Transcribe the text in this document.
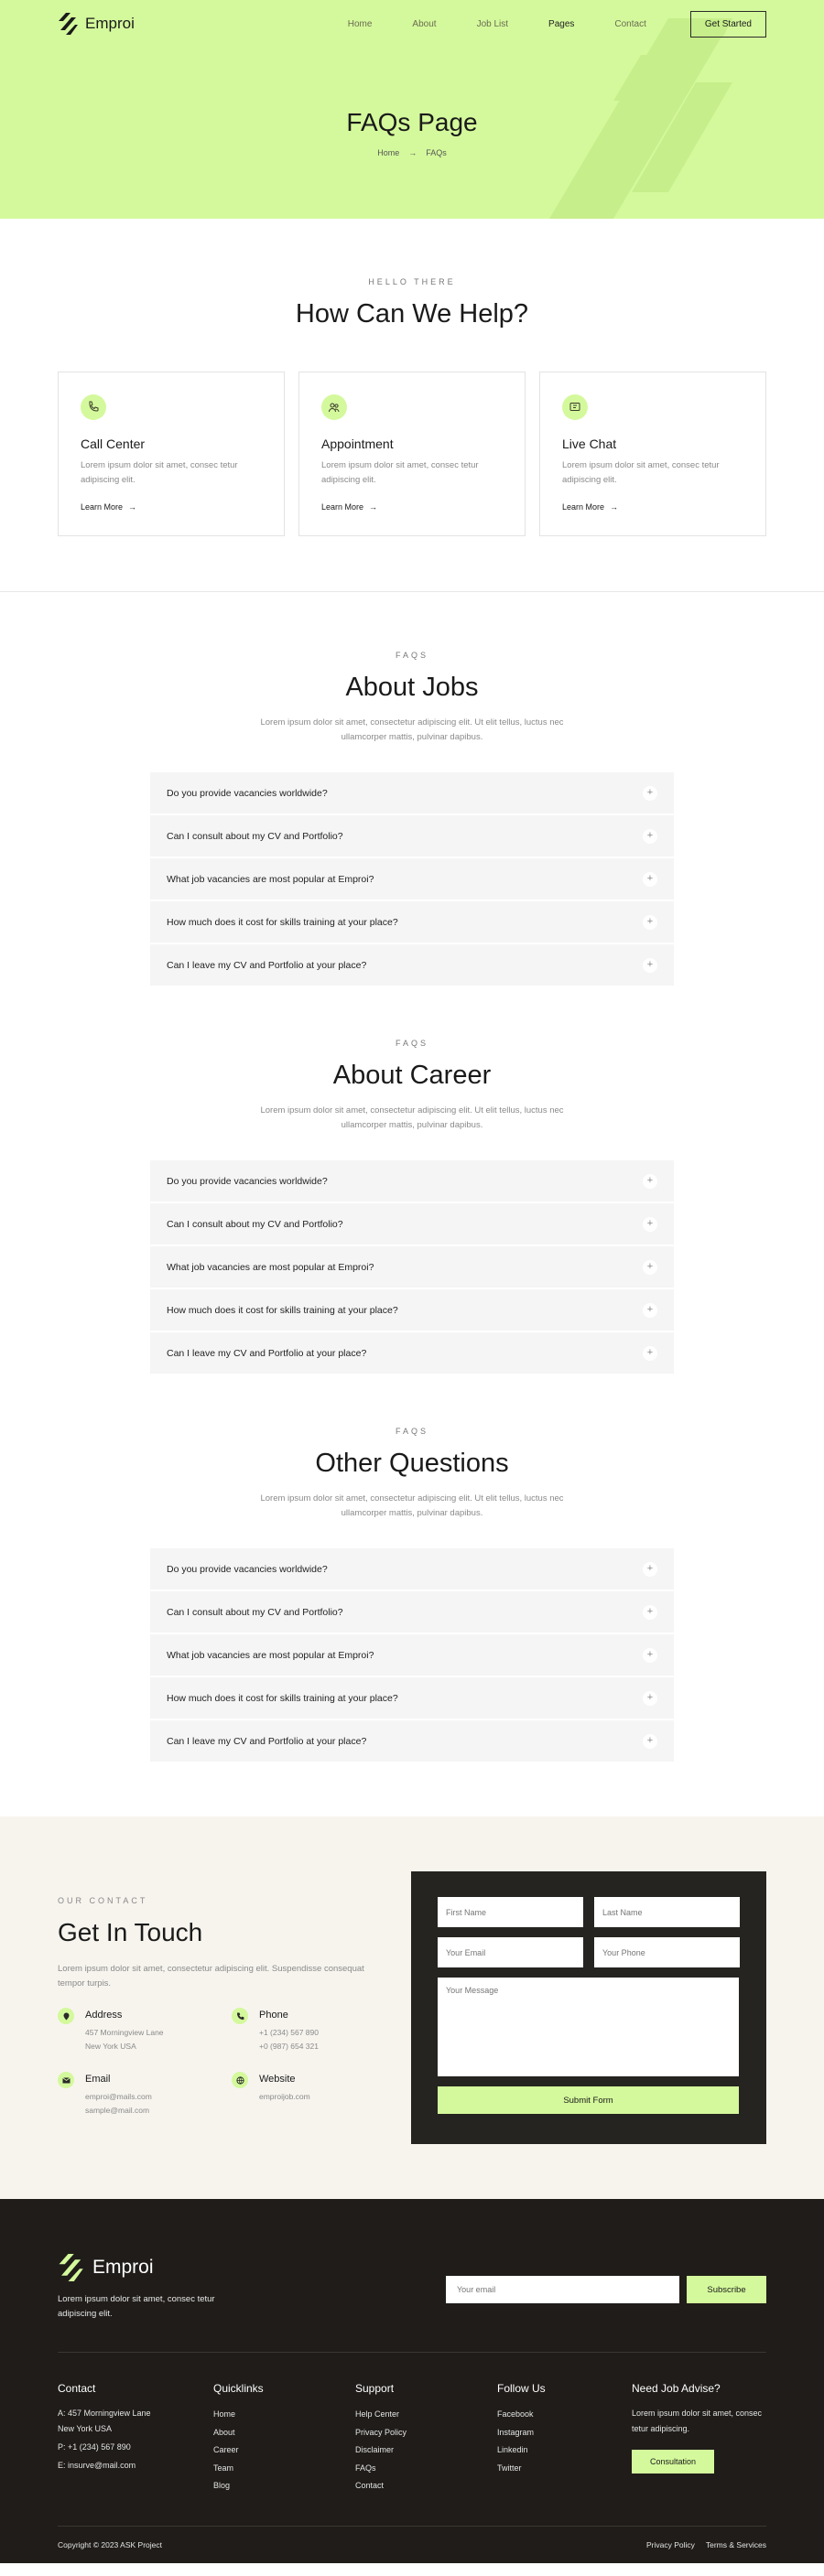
Emproi	Home	About	Job List	Pages	Contact	Get Started
FAQs Page
Home → FAQs
HELLO THERE
How Can We Help?
Call Center

Lorem ipsum dolor sit amet, consec tetur adipiscing elit.

Learn More →
Appointment

Lorem ipsum dolor sit amet, consec tetur adipiscing elit.

Learn More →
Live Chat

Lorem ipsum dolor sit amet, consec tetur adipiscing elit.

Learn More →
FAQS
About Jobs

Lorem ipsum dolor sit amet, consectetur adipiscing elit. Ut elit tellus, luctus nec ullamcorper mattis, pulvinar dapibus.

Do you provide vacancies worldwide?	+
Can I consult about my CV and Portfolio?	+
What job vacancies are most popular at Emproi?	+
How much does it cost for skills training at your place?	+
Can I leave my CV and Portfolio at your place?	+
FAQS
About Career

Lorem ipsum dolor sit amet, consectetur adipiscing elit. Ut elit tellus, luctus nec ullamcorper mattis, pulvinar dapibus.

Do you provide vacancies worldwide?	+
Can I consult about my CV and Portfolio?	+
What job vacancies are most popular at Emproi?	+
How much does it cost for skills training at your place?	+
Can I leave my CV and Portfolio at your place?	+
FAQS
Other Questions

Lorem ipsum dolor sit amet, consectetur adipiscing elit. Ut elit tellus, luctus nec ullamcorper mattis, pulvinar dapibus.

Do you provide vacancies worldwide?	+
Can I consult about my CV and Portfolio?	+
What job vacancies are most popular at Emproi?	+
How much does it cost for skills training at your place?	+
Can I leave my CV and Portfolio at your place?	+
OUR CONTACT
Get In Touch

Lorem ipsum dolor sit amet, consectetur adipiscing elit. Suspendisse consequat tempor turpis.

Address
457 Morningview Lane
New York USA
Phone
+1 (234) 567 890
+0 (987) 654 321
Email
emproi@mails.com
sample@mail.com
Website
emproijob.com
First Name
Last Name
Your Email
Your Phone
Your Message	Submit Form
Emproi

Lorem ipsum dolor sit amet, consec tetur adipiscing elit.

Your email
Subscribe
Contact
A: 457 Morningview Lane
New York USA
P: +1 (234) 567 890
E: insurve@mail.com
Quicklinks
Home
About
Career
Team
Blog
Support
Help Center
Privacy Policy
Disclaimer
FAQs
Contact
Follow Us
Facebook
Instagram
Linkedin
Twitter
Need Job Advise?
Lorem ipsum dolor sit amet, consec tetur adipiscing.
Consultation
Copyright © 2023 ASK Project	Privacy Policy Terms & Services
